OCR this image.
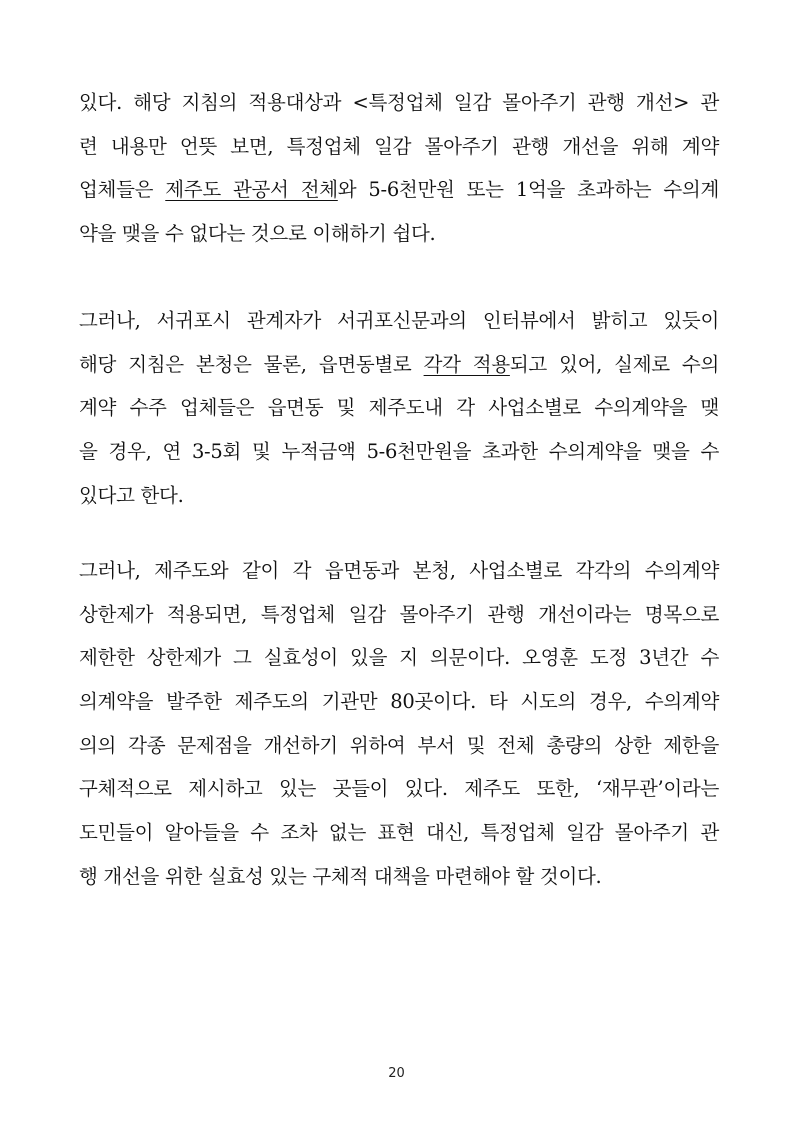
있다. 해당 지침의 적용대상과 <특정업체 일감 몰아주기 관행 개선> 관
련 내용만 언뜻 보면, 특정업체 일감 몰아주기 관행 개선을 위해 계약
업체들은 제주도 관공서 전체와 5-6천만원 또는 1억을 초과하는 수의계
약을 맺을 수 없다는 것으로 이해하기 쉽다.
그러나, 서귀포시 관계자가 서귀포신문과의 인터뷰에서 밝히고 있듯이
해당 지침은 본청은 물론, 읍면동별로 각각 적용되고 있어, 실제로 수의
계약 수주 업체들은 읍면동 및 제주도내 각 사업소별로 수의계약을 맺
을 경우, 연 3-5회 및 누적금액 5-6천만원을 초과한 수의계약을 맺을 수
있다고 한다.
그러나, 제주도와 같이 각 읍면동과 본청, 사업소별로 각각의 수의계약
상한제가 적용되면, 특정업체 일감 몰아주기 관행 개선이라는 명목으로
제한한 상한제가 그 실효성이 있을 지 의문이다. 오영훈 도정 3년간 수
의계약을 발주한 제주도의 기관만 80곳이다. 타 시도의 경우, 수의계약
의의 각종 문제점을 개선하기 위하여 부서 및 전체 총량의 상한 제한을
구체적으로 제시하고 있는 곳들이 있다. 제주도 또한, ‘재무관’이라는
도민들이 알아들을 수 조차 없는 표현 대신, 특정업체 일감 몰아주기 관
행 개선을 위한 실효성 있는 구체적 대책을 마련해야 할 것이다.
20
